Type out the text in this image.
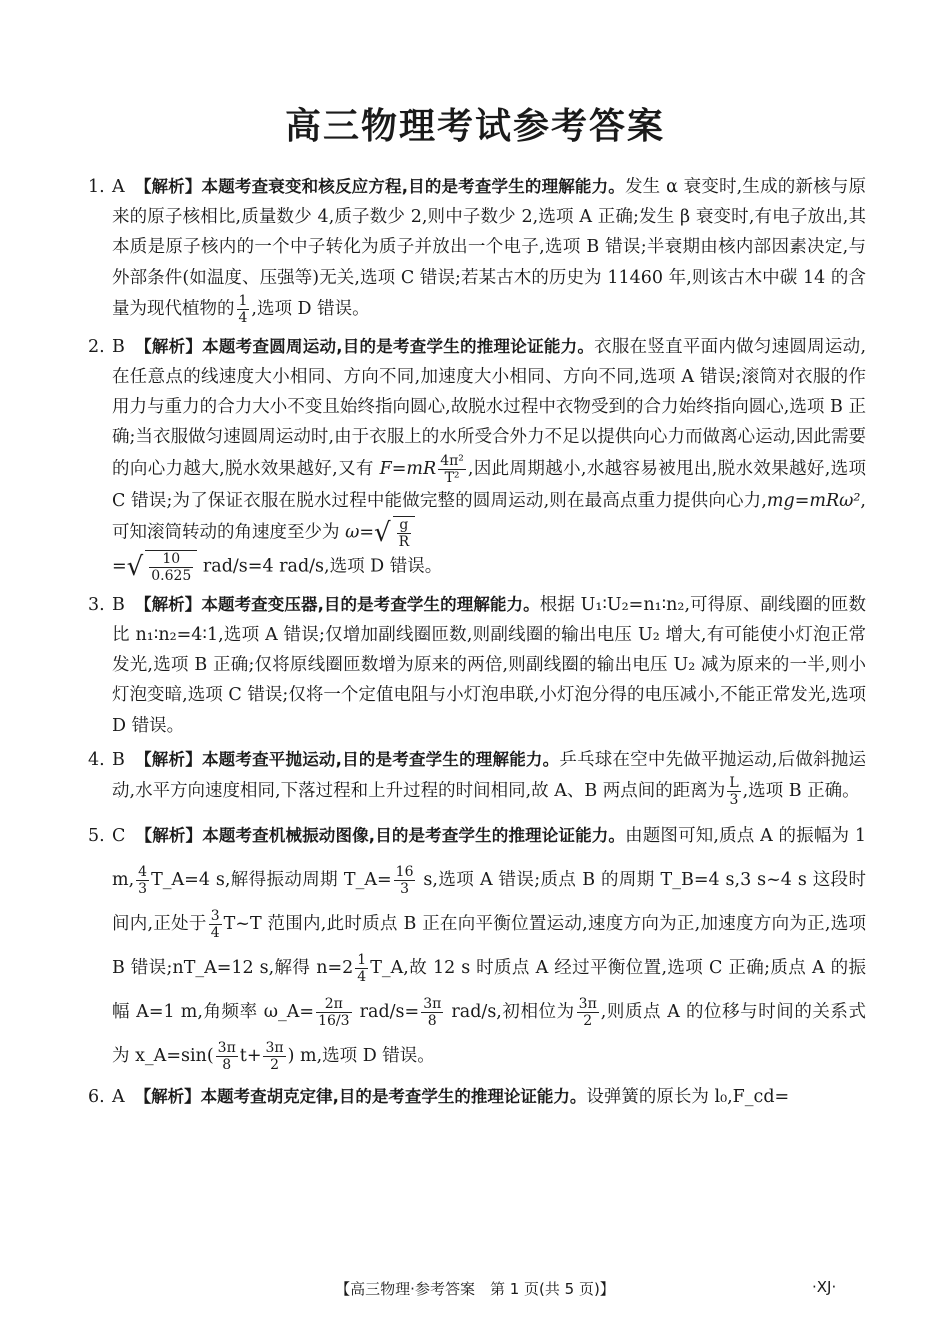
高三物理考试参考答案
1. A 【解析】本题考查衰变和核反应方程,目的是考查学生的理解能力。发生 α 衰变时,生成的新核与原来的原子核相比,质量数少 4,质子数少 2,则中子数少 2,选项 A 正确;发生 β 衰变时,有电子放出,其本质是原子核内的一个中子转化为质子并放出一个电子,选项 B 错误;半衰期由核内部因素决定,与外部条件(如温度、压强等)无关,选项 C 错误;若某古木的历史为 11460 年,则该古木中碳 14 的含量为现代植物的 $\frac{1}{4}$ ,选项 D 错误。
2. B 【解析】本题考查圆周运动,目的是考查学生的推理论证能力。衣服在竖直平面内做匀速圆周运动,在任意点的线速度大小相同、方向不同,加速度大小相同、方向不同,选项 A 错误;滚筒对衣服的作用力与重力的合力大小不变且始终指向圆心,故脱水过程中衣物受到的合力始终指向圆心,选项 B 正确;当衣服做匀速圆周运动时,由于衣服上的水所受合外力不足以提供向心力而做离心运动,因此需要的向心力越大,脱水效果越好,又有 $F=mR \frac{\text{4π²}}{\text{T²}}$ ,因此周期越小,水越容易被甩出,脱水效果越好,选项 C 错误;为了保证衣服在脱水过程中能做完整的圆周运动,则在最高点重力提供向心力,mg=mRω²,可知滚筒转动的角速度至少为 $\omega=√ \frac{g}{R}$

=√ $\frac{10}{0.625} rad/s=4$ rad/s,选项 D 错误。
3. B 【解析】本题考查变压器,目的是考查学生的理解能力。根据 U₁∶U₂=n₁∶n₂,可得原、副线圈的匝数比 n₁∶n₂=4∶1,选项 A 错误;仅增加副线圈匝数,则副线圈的输出电压 U₂ 增大,有可能使小灯泡正常发光,选项 B 正确;仅将原线圈匝数增为原来的两倍,则副线圈的输出电压 U₂ 减为原来的一半,则小灯泡变暗,选项 C 错误;仅将一个定值电阻与小灯泡串联,小灯泡分得的电压减小,不能正常发光,选项 D 错误。
4. B 【解析】本题考查平抛运动,目的是考查学生的理解能力。乒乓球在空中先做平抛运动,后做斜抛运动,水平方向速度相同,下落过程和上升过程的时间相同,故 A、B 两点间的距离为 $\frac{L}{3}$ ,选项 B 正确。
5. C 【解析】本题考查机械振动图像,目的是考查学生的推理论证能力。由题图可知,质点 A 的振幅为 1 m, $\frac{4}{3}$ T_A=4 s,解得振动周期 T_A= $\frac{16}{3} s$,选项 A 错误;质点 B 的周期 T_B=4 s,3 s~4 s 这段时间内,正处于 $\frac{3}{4}$ T~T 范围内,此时质点 B 正在向平衡位置运动,速度方向为正,加速度方向为正,选项 B 错误;nT_A=12 s,解得 $n=2 \frac{1}{4}$ T_A,故 12 s 时质点 A 经过平衡位置,选项 C 正确;质点 A 的振幅 A=1 m,角频率 ω_A= $\frac{2\pi}{16/3} rad/s= \frac{3\pi}{8} rad/s$,初相位为 $\frac{3\pi}{2}$ ,则质点 A 的位移与时间的关系式为 x_A=sin( $\frac{3\pi}{8} t+ \frac{3\pi}{2}$ ) m,选项 D 错误。
6. A 【解析】本题考查胡克定律,目的是考查学生的推理论证能力。设弹簧的原长为 l₀,F_cd=
【高三物理·参考答案　第 1 页(共 5 页)】	·XJ·
